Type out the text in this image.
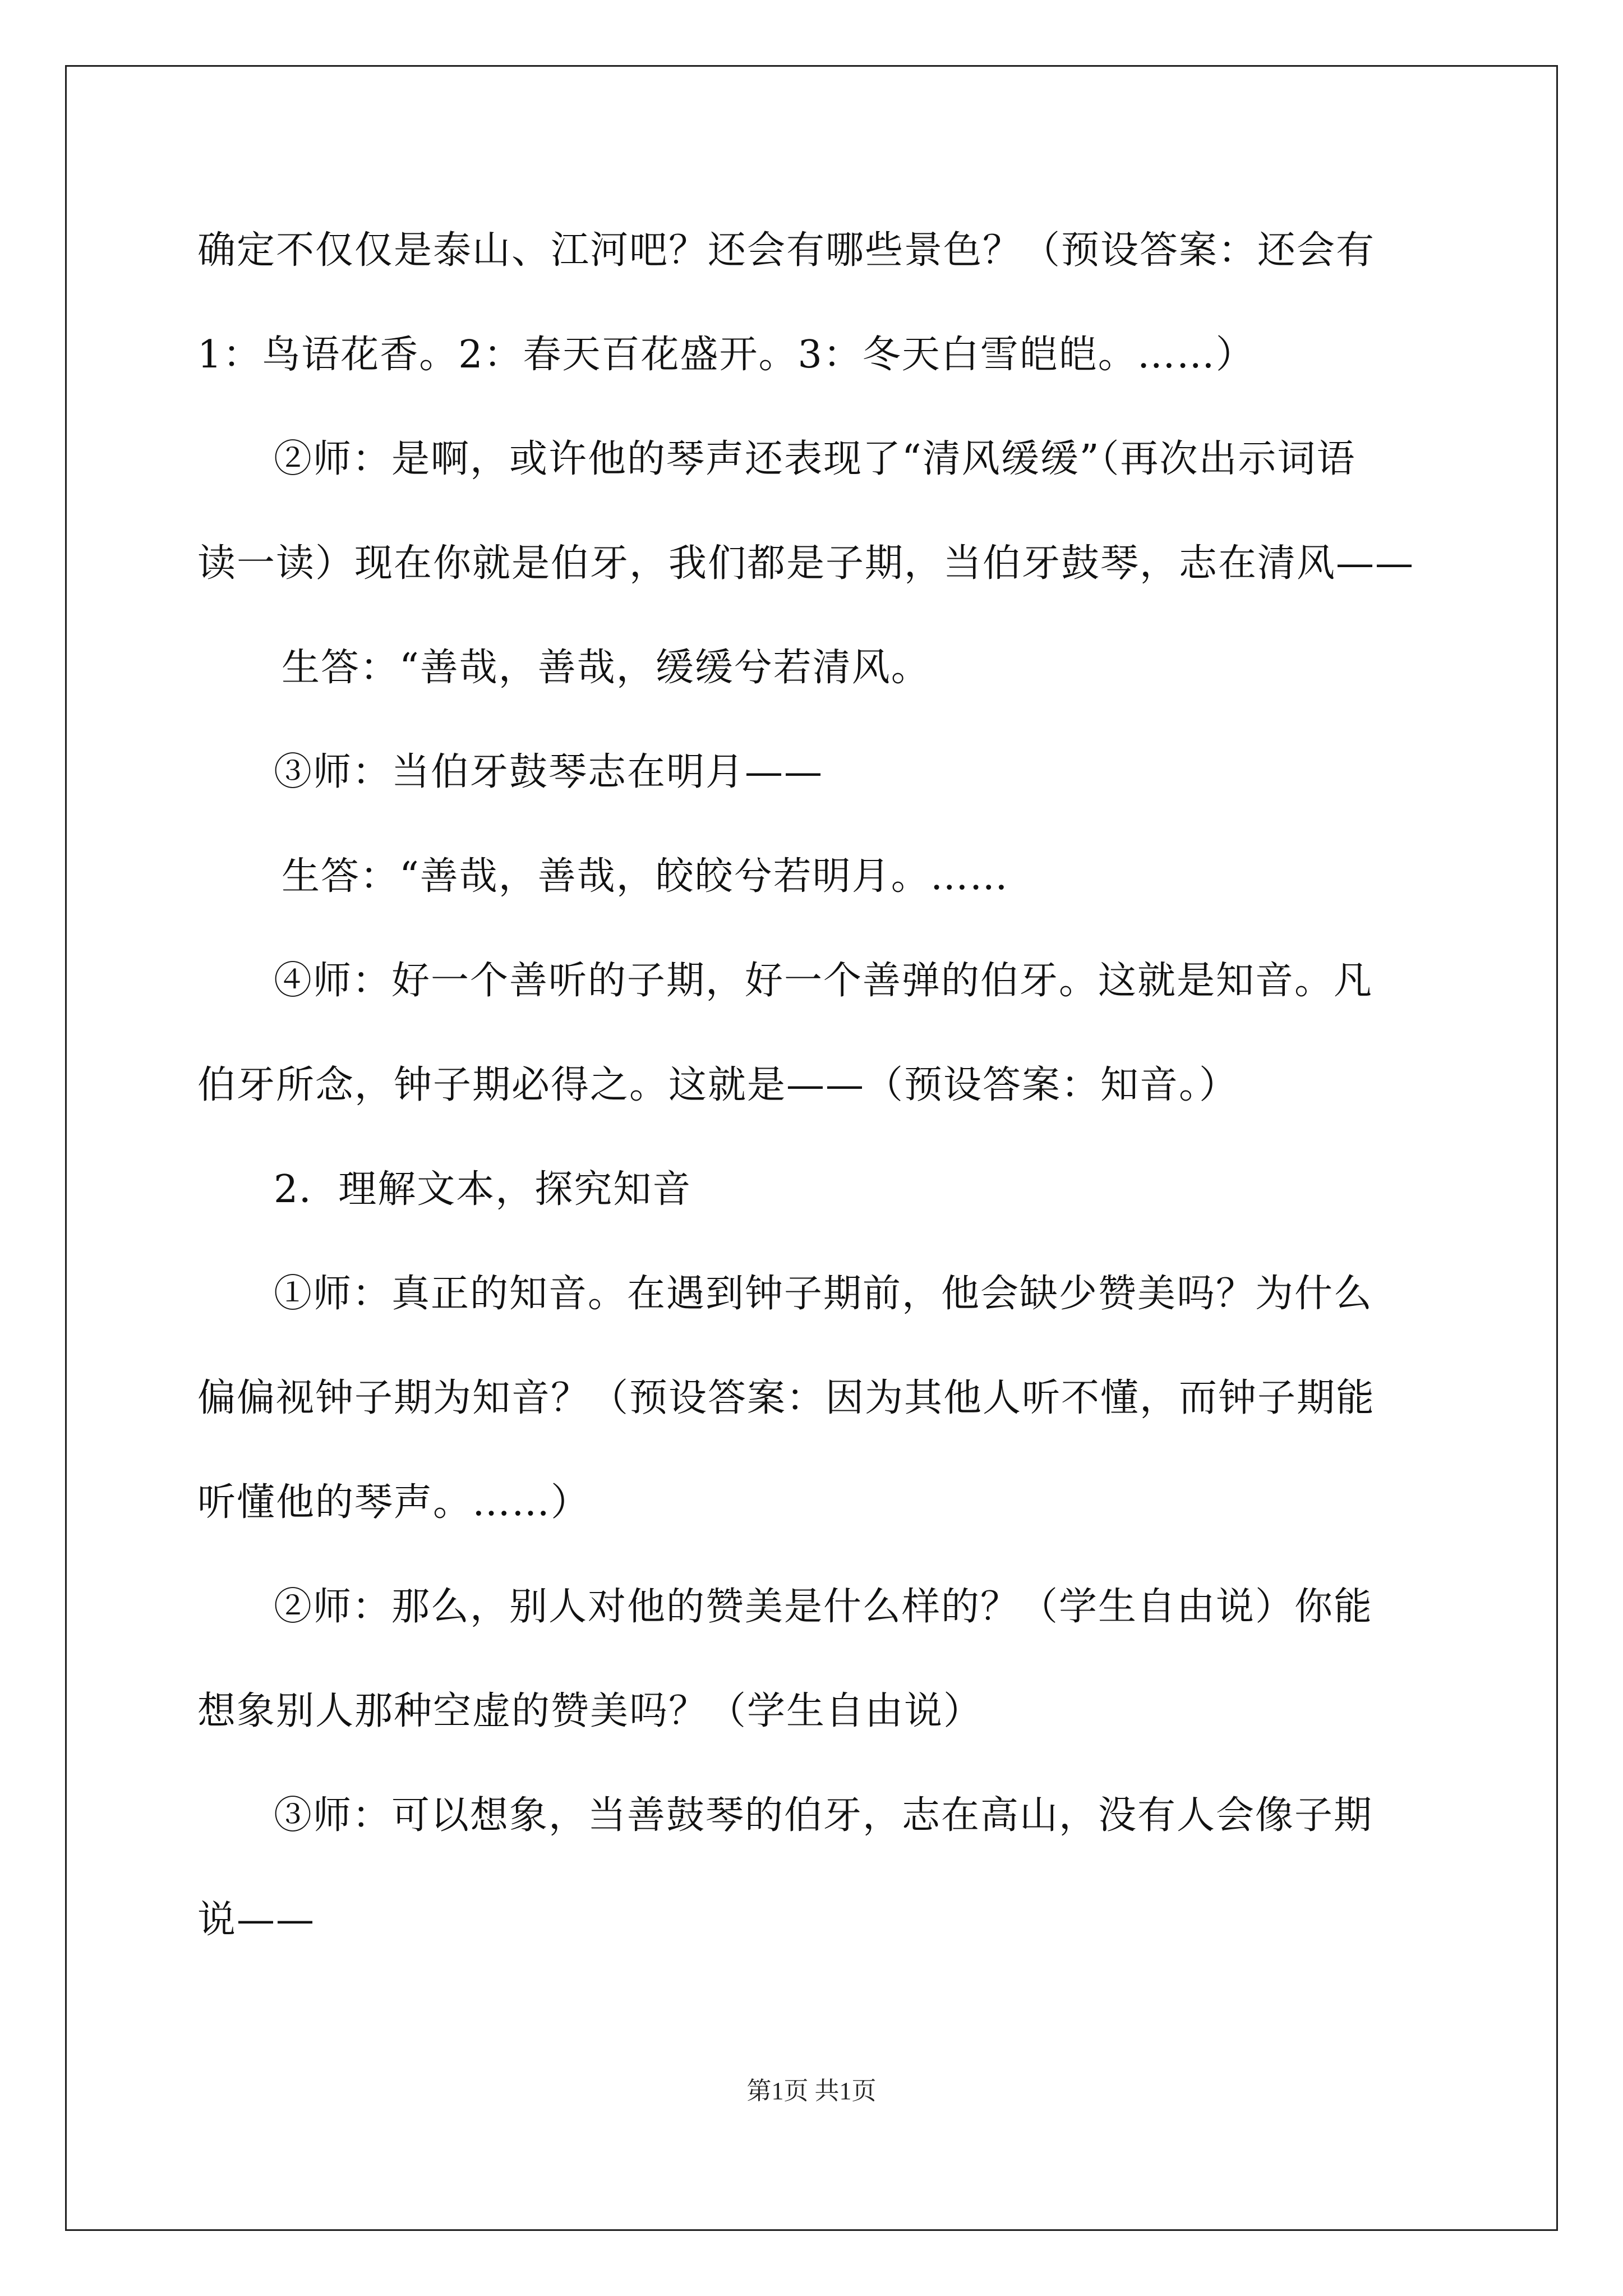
确定不仅仅是泰山、江河吧？还会有哪些景色？（预设答案：还会有
1：鸟语花香。2：春天百花盛开。3：冬天白雪皑皑。……）
②师：是啊，或许他的琴声还表现了“清风缓缓”（再次出示词语
读一读）现在你就是伯牙，我们都是子期，当伯牙鼓琴，志在清风——
生答：“善哉，善哉，缓缓兮若清风。
③师：当伯牙鼓琴志在明月——
生答：“善哉，善哉，皎皎兮若明月。……
④师：好一个善听的子期，好一个善弹的伯牙。这就是知音。凡
伯牙所念，钟子期必得之。这就是——（预设答案：知音。）
2．理解文本，探究知音
①师：真正的知音。在遇到钟子期前，他会缺少赞美吗？为什么
偏偏视钟子期为知音？（预设答案：因为其他人听不懂，而钟子期能
听懂他的琴声。……）
②师：那么，别人对他的赞美是什么样的？（学生自由说）你能
想象别人那种空虚的赞美吗？（学生自由说）
③师：可以想象，当善鼓琴的伯牙，志在高山，没有人会像子期
说——
第1页 共1页
